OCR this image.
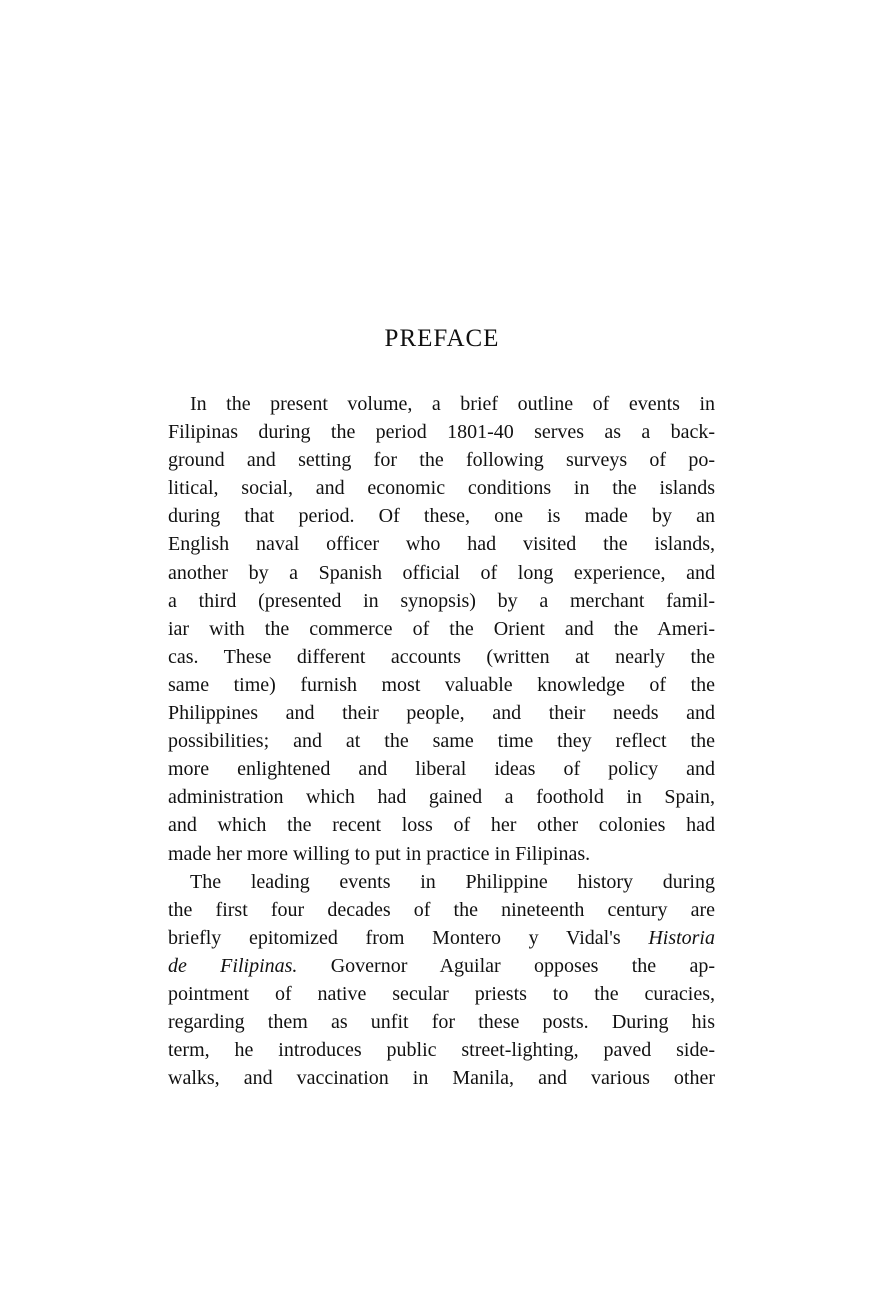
PREFACE
In the present volume, a brief outline of events in
Filipinas during the period 1801-40 serves as a back-
ground and setting for the following surveys of po-
litical, social, and economic conditions in the islands
during that period. Of these, one is made by an
English naval officer who had visited the islands,
another by a Spanish official of long experience, and
a third (presented in synopsis) by a merchant famil-
iar with the commerce of the Orient and the Ameri-
cas. These different accounts (written at nearly the
same time) furnish most valuable knowledge of the
Philippines and their people, and their needs and
possibilities; and at the same time they reflect the
more enlightened and liberal ideas of policy and
administration which had gained a foothold in Spain,
and which the recent loss of her other colonies had
made her more willing to put in practice in Filipinas.
The leading events in Philippine history during
the first four decades of the nineteenth century are
briefly epitomized from Montero y Vidal's Historia
de Filipinas. Governor Aguilar opposes the ap-
pointment of native secular priests to the curacies,
regarding them as unfit for these posts. During his
term, he introduces public street-lighting, paved side-
walks, and vaccination in Manila, and various other
